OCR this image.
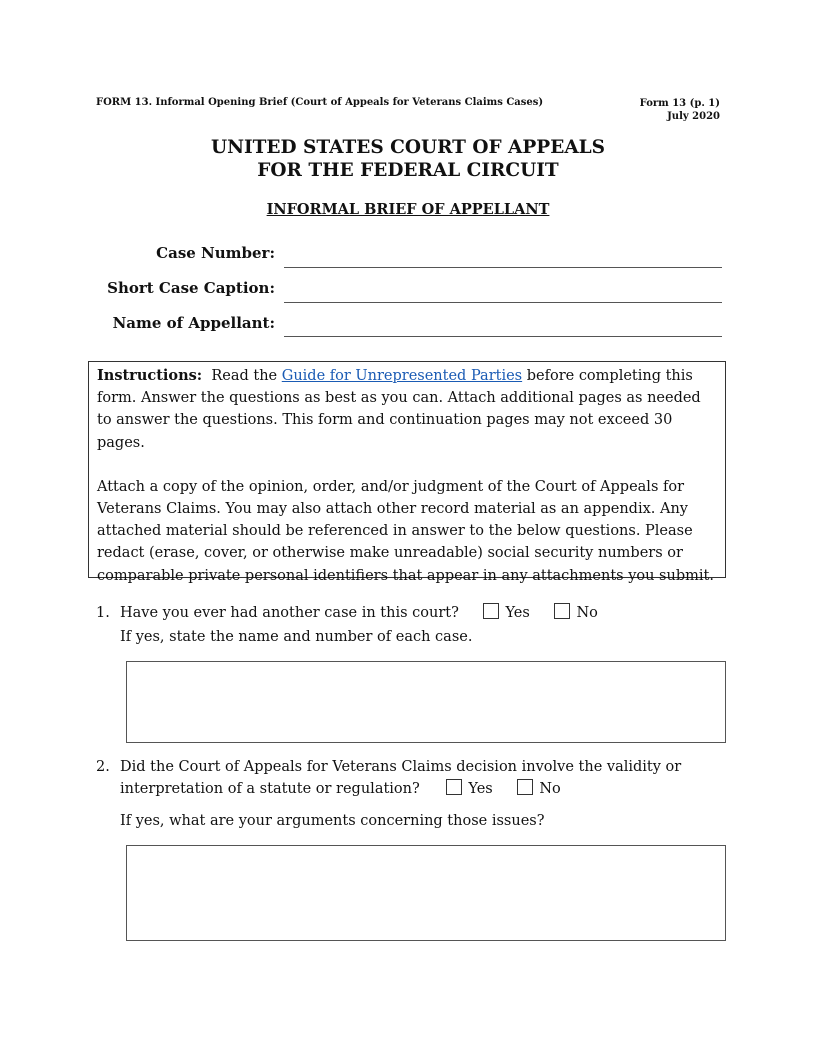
FORM 13. Informal Opening Brief (Court of Appeals for Veterans Claims Cases)	Form 13 (p. 1)
July 2020
UNITED STATES COURT OF APPEALS
FOR THE FEDERAL CIRCUIT
INFORMAL BRIEF OF APPELLANT
Case Number:
Short Case Caption:
Name of Appellant:

Instructions: Read the Guide for Unrepresented Parties before completing this form. Answer the questions as best as you can. Attach additional pages as needed to answer the questions. This form and continuation pages may not exceed 30 pages.

Attach a copy of the opinion, order, and/or judgment of the Court of Appeals for Veterans Claims. You may also attach other record material as an appendix. Any attached material should be referenced in answer to the below questions. Please redact (erase, cover, or otherwise make unreadable) social security numbers or comparable private personal identifiers that appear in any attachments you submit.

1. Have you ever had another case in this court?	Yes	No
If yes, state the name and number of each case.
2. Did the Court of Appeals for Veterans Claims decision involve the validity or
interpretation of a statute or regulation?	Yes	No
If yes, what are your arguments concerning those issues?
